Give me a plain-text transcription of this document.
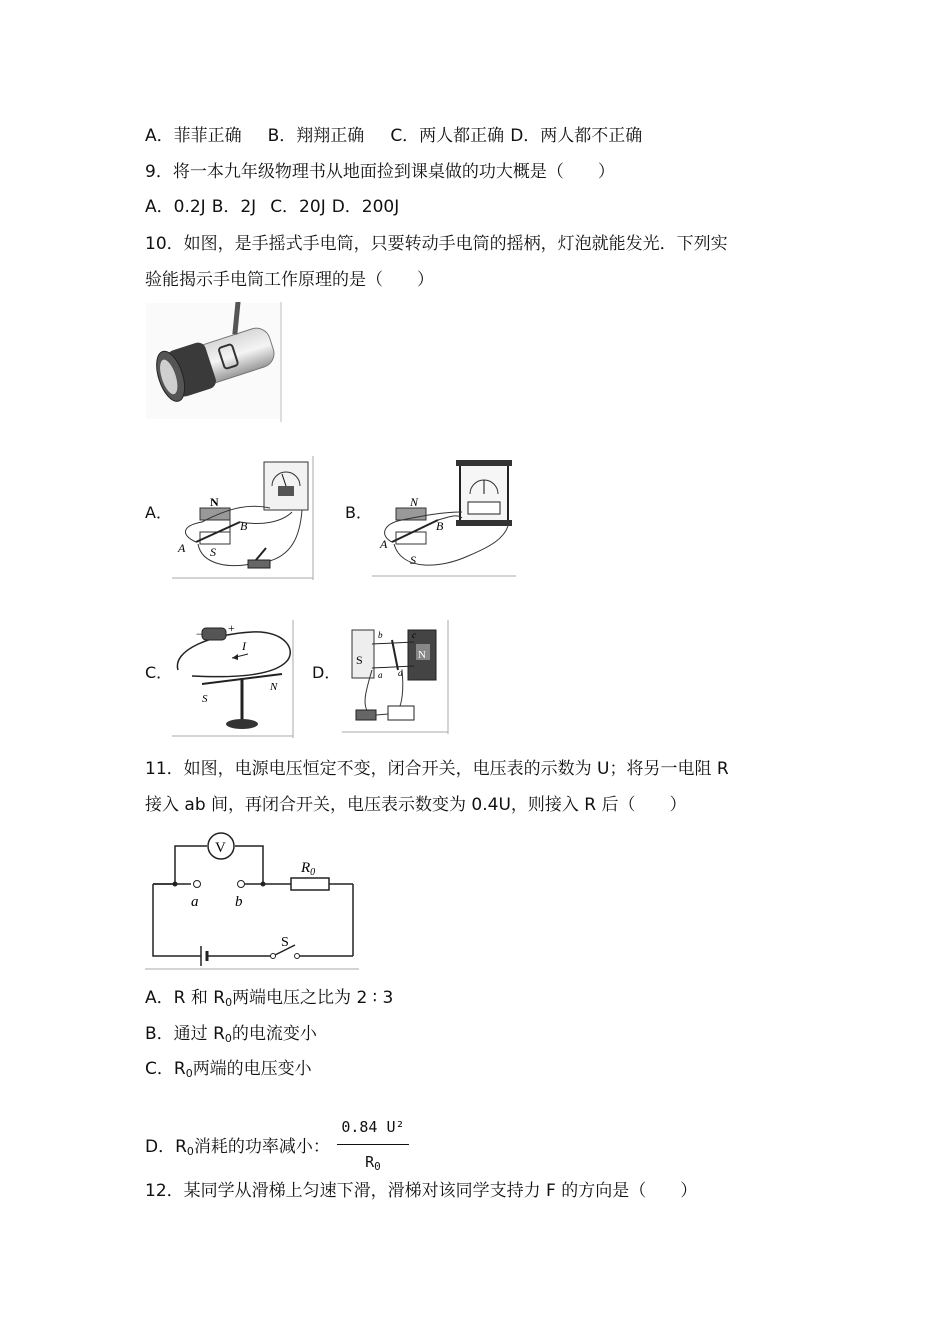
A．菲菲正确 B．翔翔正确 C．两人都正确 D．两人都不正确
9．将一本九年级物理书从地面捡到课桌做的功大概是（　　）
A．0.2J B．2J C．20J D．200J
10．如图，是手摇式手电筒，只要转动手电筒的摇柄，灯泡就能发光．下列实
验能揭示手电筒工作原理的是（　　）
A．	B．
C．	D．
N
S
A
B
N
S
A
B
− +
I
S
N
S	N
b	c
a d
11．如图，电源电压恒定不变，闭合开关，电压表的示数为 U；将另一电阻 R
接入 ab 间，再闭合开关，电压表示数变为 0.4U，则接入 R 后（　　）
S
$R_0$
a b
V
A．R 和 $R_0$两端电压之比为 2 ∶ 3
B．通过 $R_0$的电流变小
C．$R_0$两端的电压变小
D．$R_0$消耗的功率减小： $\frac{\text{0.84 U²}}{R_0}$
12．某同学从滑梯上匀速下滑，滑梯对该同学支持力 F 的方向是（　　）
